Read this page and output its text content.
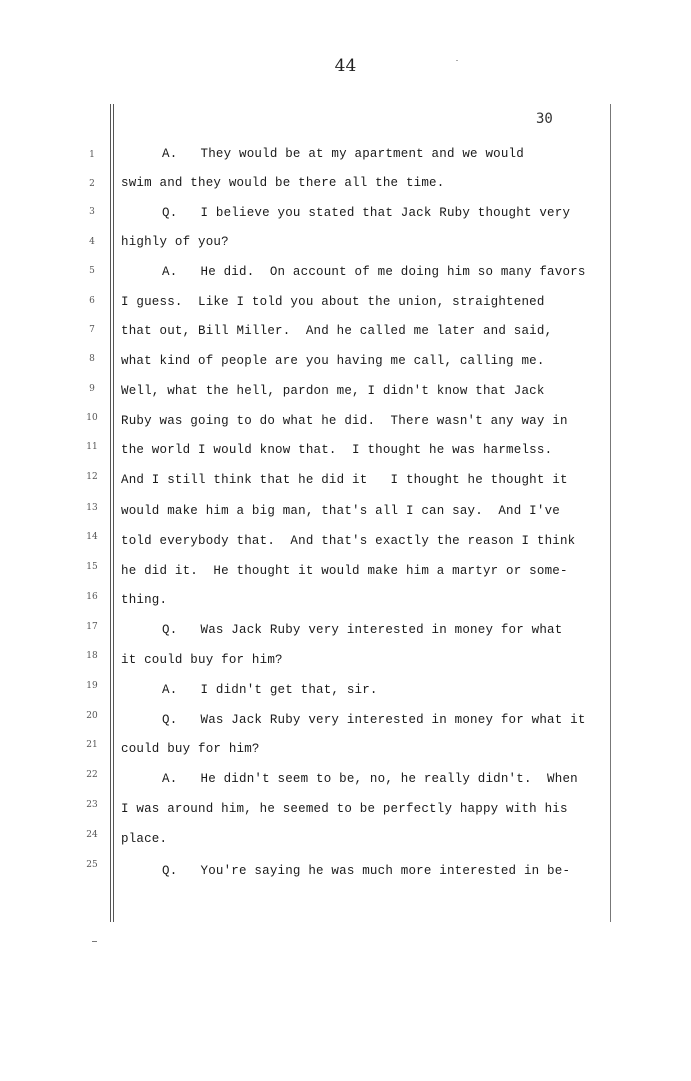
44
30
1
2
3
4
5
6
7
8
9
10
11
12
13
14
15
16
17
18
19
20
21
22
23
24
25
A.   They would be at my apartment and we would
swim and they would be there all the time.
Q.   I believe you stated that Jack Ruby thought very
highly of you?
A.   He did.  On account of me doing him so many favors
I guess.  Like I told you about the union, straightened
that out, Bill Miller.  And he called me later and said,
what kind of people are you having me call, calling me.
Well, what the hell, pardon me, I didn't know that Jack
Ruby was going to do what he did.  There wasn't any way in
the world I would know that.  I thought he was harmelss.
And I still think that he did it   I thought he thought it
would make him a big man, that's all I can say.  And I've
told everybody that.  And that's exactly the reason I think
he did it.  He thought it would make him a martyr or some-
thing.
Q.   Was Jack Ruby very interested in money for what
it could buy for him?
A.   I didn't get that, sir.
Q.   Was Jack Ruby very interested in money for what it
could buy for him?
A.   He didn't seem to be, no, he really didn't.  When
I was around him, he seemed to be perfectly happy with his
place.
Q.   You're saying he was much more interested in be-
